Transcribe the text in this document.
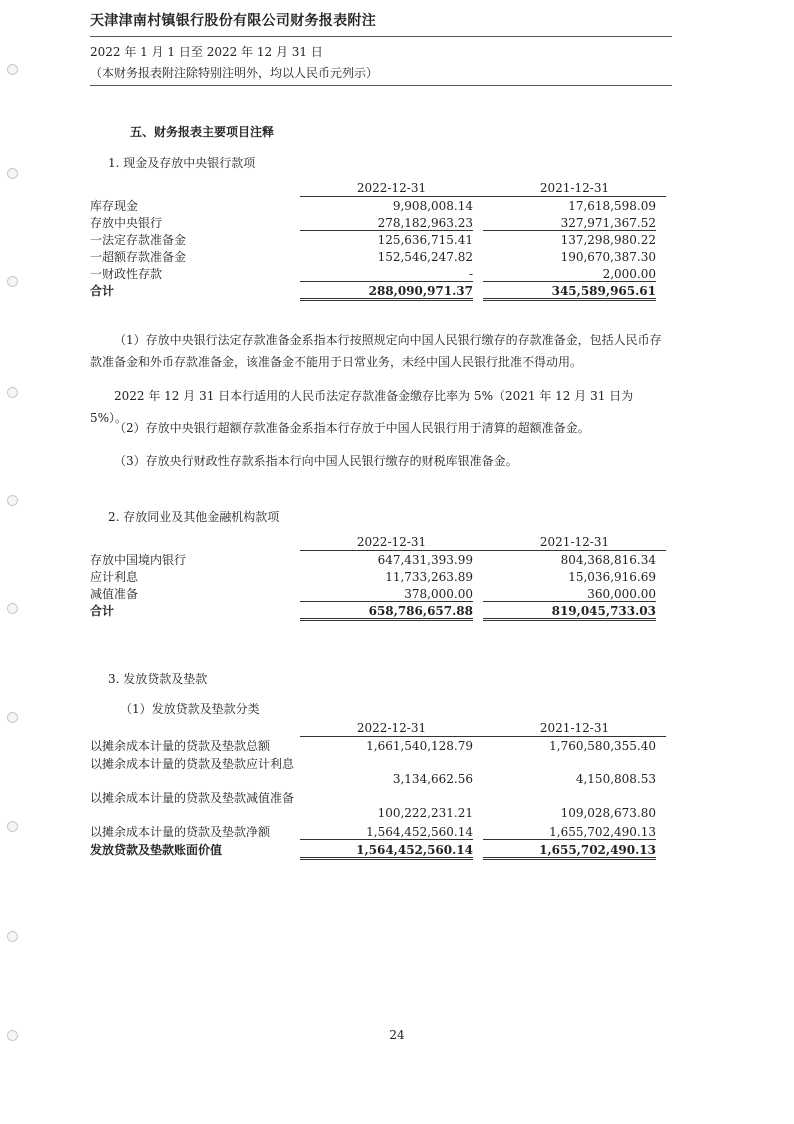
天津津南村镇银行股份有限公司财务报表附注
2022 年 1 月 1 日至 2022 年 12 月 31 日
（本财务报表附注除特别注明外，均以人民币元列示）
五、财务报表主要项目注释
1. 现金及存放中央银行款项
2022-12-31	2021-12-31
库存现金	9,908,008.14	17,618,598.09
存放中央银行	278,182,963.23	327,971,367.52
一法定存款准备金	125,636,715.41	137,298,980.22
一超额存款准备金	152,546,247.82	190,670,387.30
一财政性存款	-	2,000.00
合计	288,090,971.37	345,589,965.61
（1）存放中央银行法定存款准备金系指本行按照规定向中国人民银行缴存的存款准备金，包括人民币存款准备金和外币存款准备金，该准备金不能用于日常业务，未经中国人民银行批准不得动用。
2022 年 12 月 31 日本行适用的人民币法定存款准备金缴存比率为 5%（2021 年 12 月 31 日为 5%）。
（2）存放中央银行超额存款准备金系指本行存放于中国人民银行用于清算的超额准备金。
（3）存放央行财政性存款系指本行向中国人民银行缴存的财税库银准备金。
2. 存放同业及其他金融机构款项
2022-12-31	2021-12-31
存放中国境内银行	647,431,393.99	804,368,816.34
应计利息	11,733,263.89	15,036,916.69
减值准备	378,000.00	360,000.00
合计	658,786,657.88	819,045,733.03
3. 发放贷款及垫款
（1）发放贷款及垫款分类
2022-12-31	2021-12-31
以摊余成本计量的贷款及垫款总额	1,661,540,128.79	1,760,580,355.40
以摊余成本计量的贷款及垫款应计利息
3,134,662.56	4,150,808.53
以摊余成本计量的贷款及垫款减值准备
100,222,231.21	109,028,673.80
以摊余成本计量的贷款及垫款净额	1,564,452,560.14	1,655,702,490.13
发放贷款及垫款账面价值	1,564,452,560.14	1,655,702,490.13
24
